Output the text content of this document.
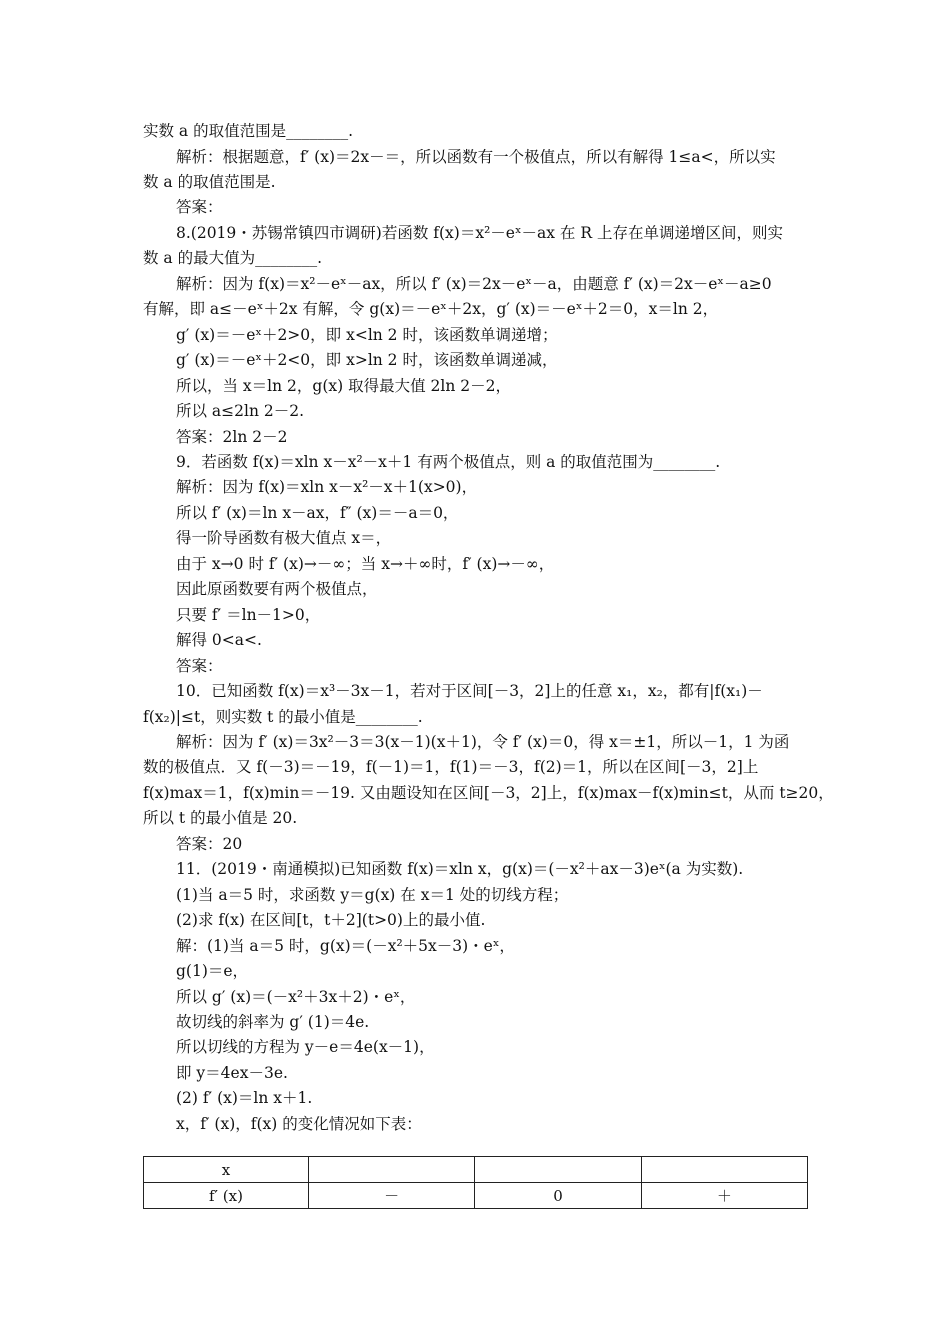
实数 a 的取值范围是________.
解析：根据题意，f′ (x)＝2x－＝，所以函数有一个极值点，所以有解得 1≤a<，所以实
数 a 的取值范围是.
答案：
8.(2019・苏锡常镇四市调研)若函数 f(x)＝x²－eˣ－ax 在 R 上存在单调递增区间，则实
数 a 的最大值为________.
解析：因为 f(x)＝x²－eˣ－ax，所以 f′ (x)＝2x－eˣ－a，由题意 f′ (x)＝2x－eˣ－a≥0
有解，即 a≤－eˣ＋2x 有解，令 g(x)＝－eˣ＋2x，g′ (x)＝－eˣ＋2＝0，x＝ln 2，
g′ (x)＝－eˣ＋2>0，即 x<ln 2 时，该函数单调递增；
g′ (x)＝－eˣ＋2<0，即 x>ln 2 时，该函数单调递减，
所以，当 x＝ln 2，g(x) 取得最大值 2ln 2－2，
所以 a≤2ln 2－2.
答案：2ln 2－2
9．若函数 f(x)＝xln x－x²－x＋1 有两个极值点，则 a 的取值范围为________.
解析：因为 f(x)＝xln x－x²－x＋1(x>0)，
所以 f′ (x)＝ln x－ax，f″ (x)＝－a＝0，
得一阶导函数有极大值点 x＝，
由于 x→0 时 f′ (x)→－∞；当 x→＋∞时，f′ (x)→－∞，
因此原函数要有两个极值点，
只要 f′ ＝ln－1>0，
解得 0<a<.
答案：
10．已知函数 f(x)＝x³－3x－1，若对于区间[－3，2]上的任意 x₁，x₂，都有|f(x₁)－
f(x₂)|≤t，则实数 t 的最小值是________.
解析：因为 f′ (x)＝3x²－3＝3(x－1)(x＋1)，令 f′ (x)＝0，得 x＝±1，所以－1，1 为函
数的极值点．又 f(－3)＝－19，f(－1)＝1，f(1)＝－3，f(2)＝1，所以在区间[－3，2]上
f(x)max＝1，f(x)min＝－19. 又由题设知在区间[－3，2]上，f(x)max－f(x)min≤t，从而 t≥20，
所以 t 的最小值是 20.
答案：20
11．(2019・南通模拟)已知函数 f(x)＝xln x，g(x)＝(－x²＋ax－3)eˣ(a 为实数).
(1)当 a＝5 时，求函数 y＝g(x) 在 x＝1 处的切线方程；
(2)求 f(x) 在区间[t，t＋2](t>0)上的最小值.
解：(1)当 a＝5 时，g(x)＝(－x²＋5x－3)・eˣ，
g(1)＝e，
所以 g′ (x)＝(－x²＋3x＋2)・eˣ，
故切线的斜率为 g′ (1)＝4e.
所以切线的方程为 y－e＝4e(x－1)，
即 y＝4ex－3e.
(2) f′ (x)＝ln x＋1.
x，f′ (x)，f(x) 的变化情况如下表：
x			
f′ (x)	－	0	＋
